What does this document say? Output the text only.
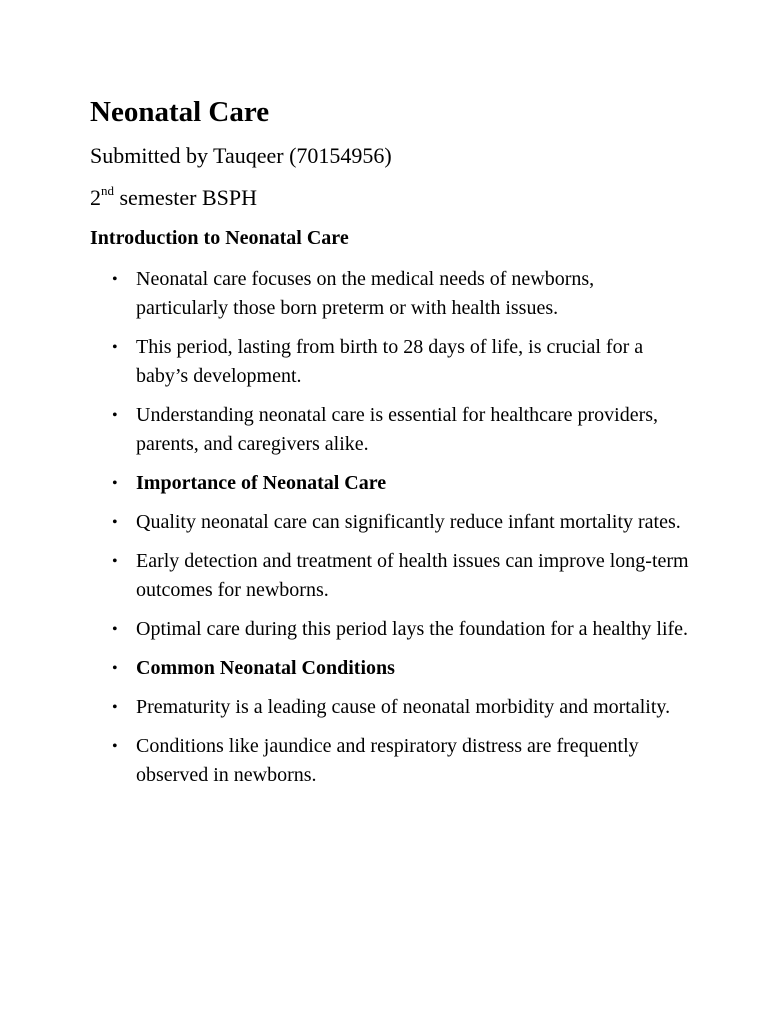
Neonatal Care

Submitted by Tauqeer (70154956)

2nd semester BSPH

Introduction to Neonatal Care

• Neonatal care focuses on the medical needs of newborns, particularly those born preterm or with health issues.
• This period, lasting from birth to 28 days of life, is crucial for a baby’s development.
• Understanding neonatal care is essential for healthcare providers, parents, and caregivers alike.
• Importance of Neonatal Care
• Quality neonatal care can significantly reduce infant mortality rates.
• Early detection and treatment of health issues can improve long-term outcomes for newborns.
• Optimal care during this period lays the foundation for a healthy life.
• Common Neonatal Conditions
• Prematurity is a leading cause of neonatal morbidity and mortality.
• Conditions like jaundice and respiratory distress are frequently observed in newborns.
